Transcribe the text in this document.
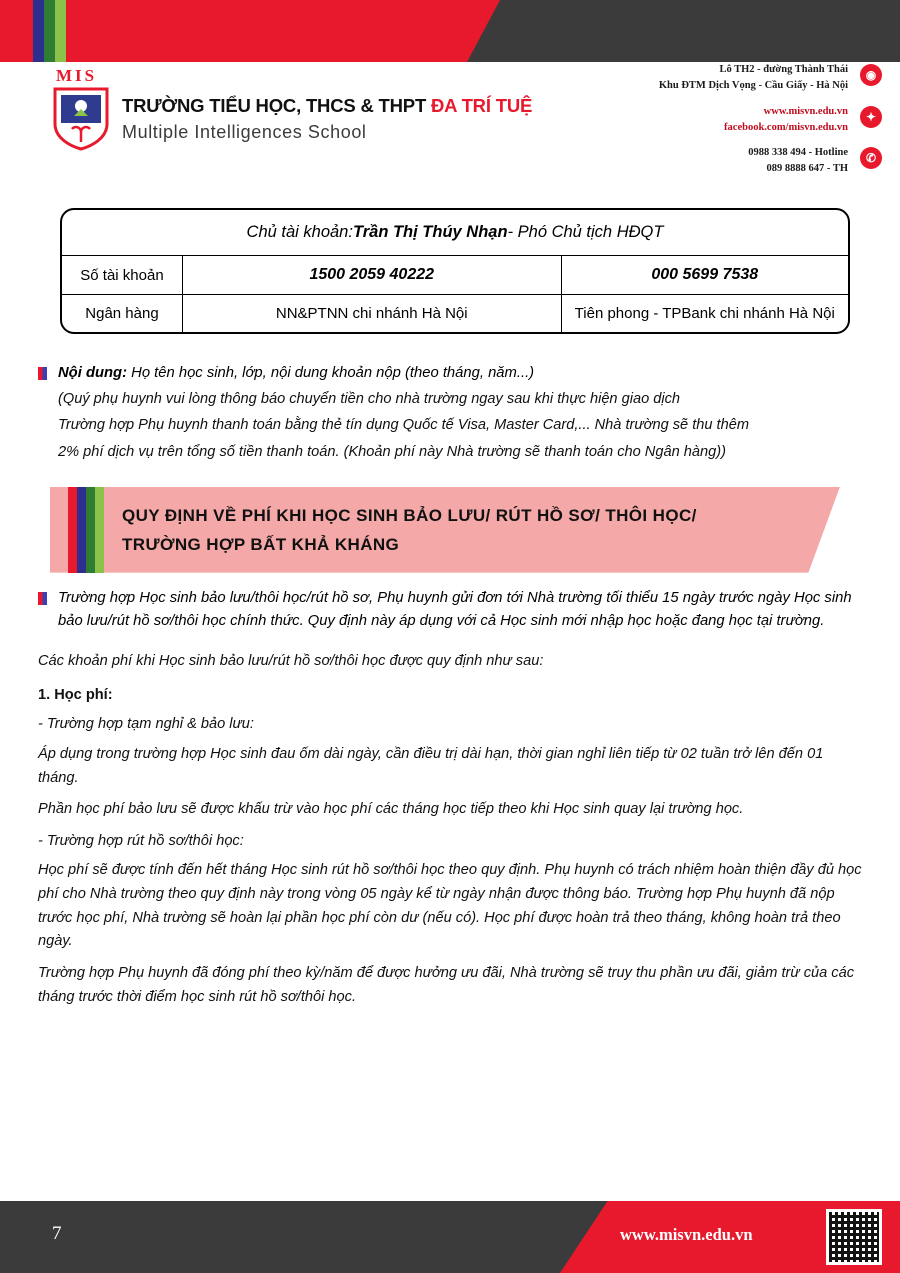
MIS
TRƯỜNG TIỂU HỌC, THCS & THPT ĐA TRÍ TUỆ
Multiple Intelligences School
Lô TH2 - đường Thành Thái
Khu ĐTM Dịch Vọng - Cầu Giấy - Hà Nội
◉
www.misvn.edu.vn
facebook.com/misvn.edu.vn
✦
0988 338 494 - Hotline
089 8888 647 - TH
✆
Chủ tài khoản: Trần Thị Thúy Nhạn - Phó Chủ tịch HĐQT
Số tài khoản	1500 2059 40222	000 5699 7538
Ngân hàng	NN&PTNN chi nhánh Hà Nội	Tiên phong - TPBank chi nhánh Hà Nội
Nội dung: Họ tên học sinh, lớp, nội dung khoản nộp (theo tháng, năm...)

(Quý phụ huynh vui lòng thông báo chuyển tiền cho nhà trường ngay sau khi thực hiện giao dịch

Trường hợp Phụ huynh thanh toán bằng thẻ tín dụng Quốc tế Visa, Master Card,... Nhà trường sẽ thu thêm

2% phí dịch vụ trên tổng số tiền thanh toán. (Khoản phí này Nhà trường sẽ thanh toán cho Ngân hàng))

QUY ĐỊNH VỀ PHÍ KHI HỌC SINH BẢO LƯU/ RÚT HỒ SƠ/ THÔI HỌC/
TRƯỜNG HỢP BẤT KHẢ KHÁNG
Trường hợp Học sinh bảo lưu/thôi học/rút hồ sơ, Phụ huynh gửi đơn tới Nhà trường tối thiểu 15 ngày trước ngày Học sinh bảo lưu/rút hồ sơ/thôi học chính thức. Quy định này áp dụng với cả Học sinh mới nhập học hoặc đang học tại trường.

Các khoản phí khi Học sinh bảo lưu/rút hồ sơ/thôi học được quy định như sau:

1. Học phí:

- Trường hợp tạm nghỉ & bảo lưu:

Áp dụng trong trường hợp Học sinh đau ốm dài ngày, cần điều trị dài hạn, thời gian nghỉ liên tiếp từ 02 tuần trở lên đến 01 tháng.

Phần học phí bảo lưu sẽ được khấu trừ vào học phí các tháng học tiếp theo khi Học sinh quay lại trường học.

- Trường hợp rút hồ sơ/thôi học:

Học phí sẽ được tính đến hết tháng Học sinh rút hồ sơ/thôi học theo quy định. Phụ huynh có trách nhiệm hoàn thiện đầy đủ học phí cho Nhà trường theo quy định này trong vòng 05 ngày kể từ ngày nhận được thông báo. Trường hợp Phụ huynh đã nộp trước học phí, Nhà trường sẽ hoàn lại phần học phí còn dư (nếu có). Học phí được hoàn trả theo tháng, không hoàn trả theo ngày.

Trường hợp Phụ huynh đã đóng phí theo kỳ/năm để được hưởng ưu đãi, Nhà trường sẽ truy thu phần ưu đãi, giảm trừ của các tháng trước thời điểm học sinh rút hồ sơ/thôi học.

7	www.misvn.edu.vn
